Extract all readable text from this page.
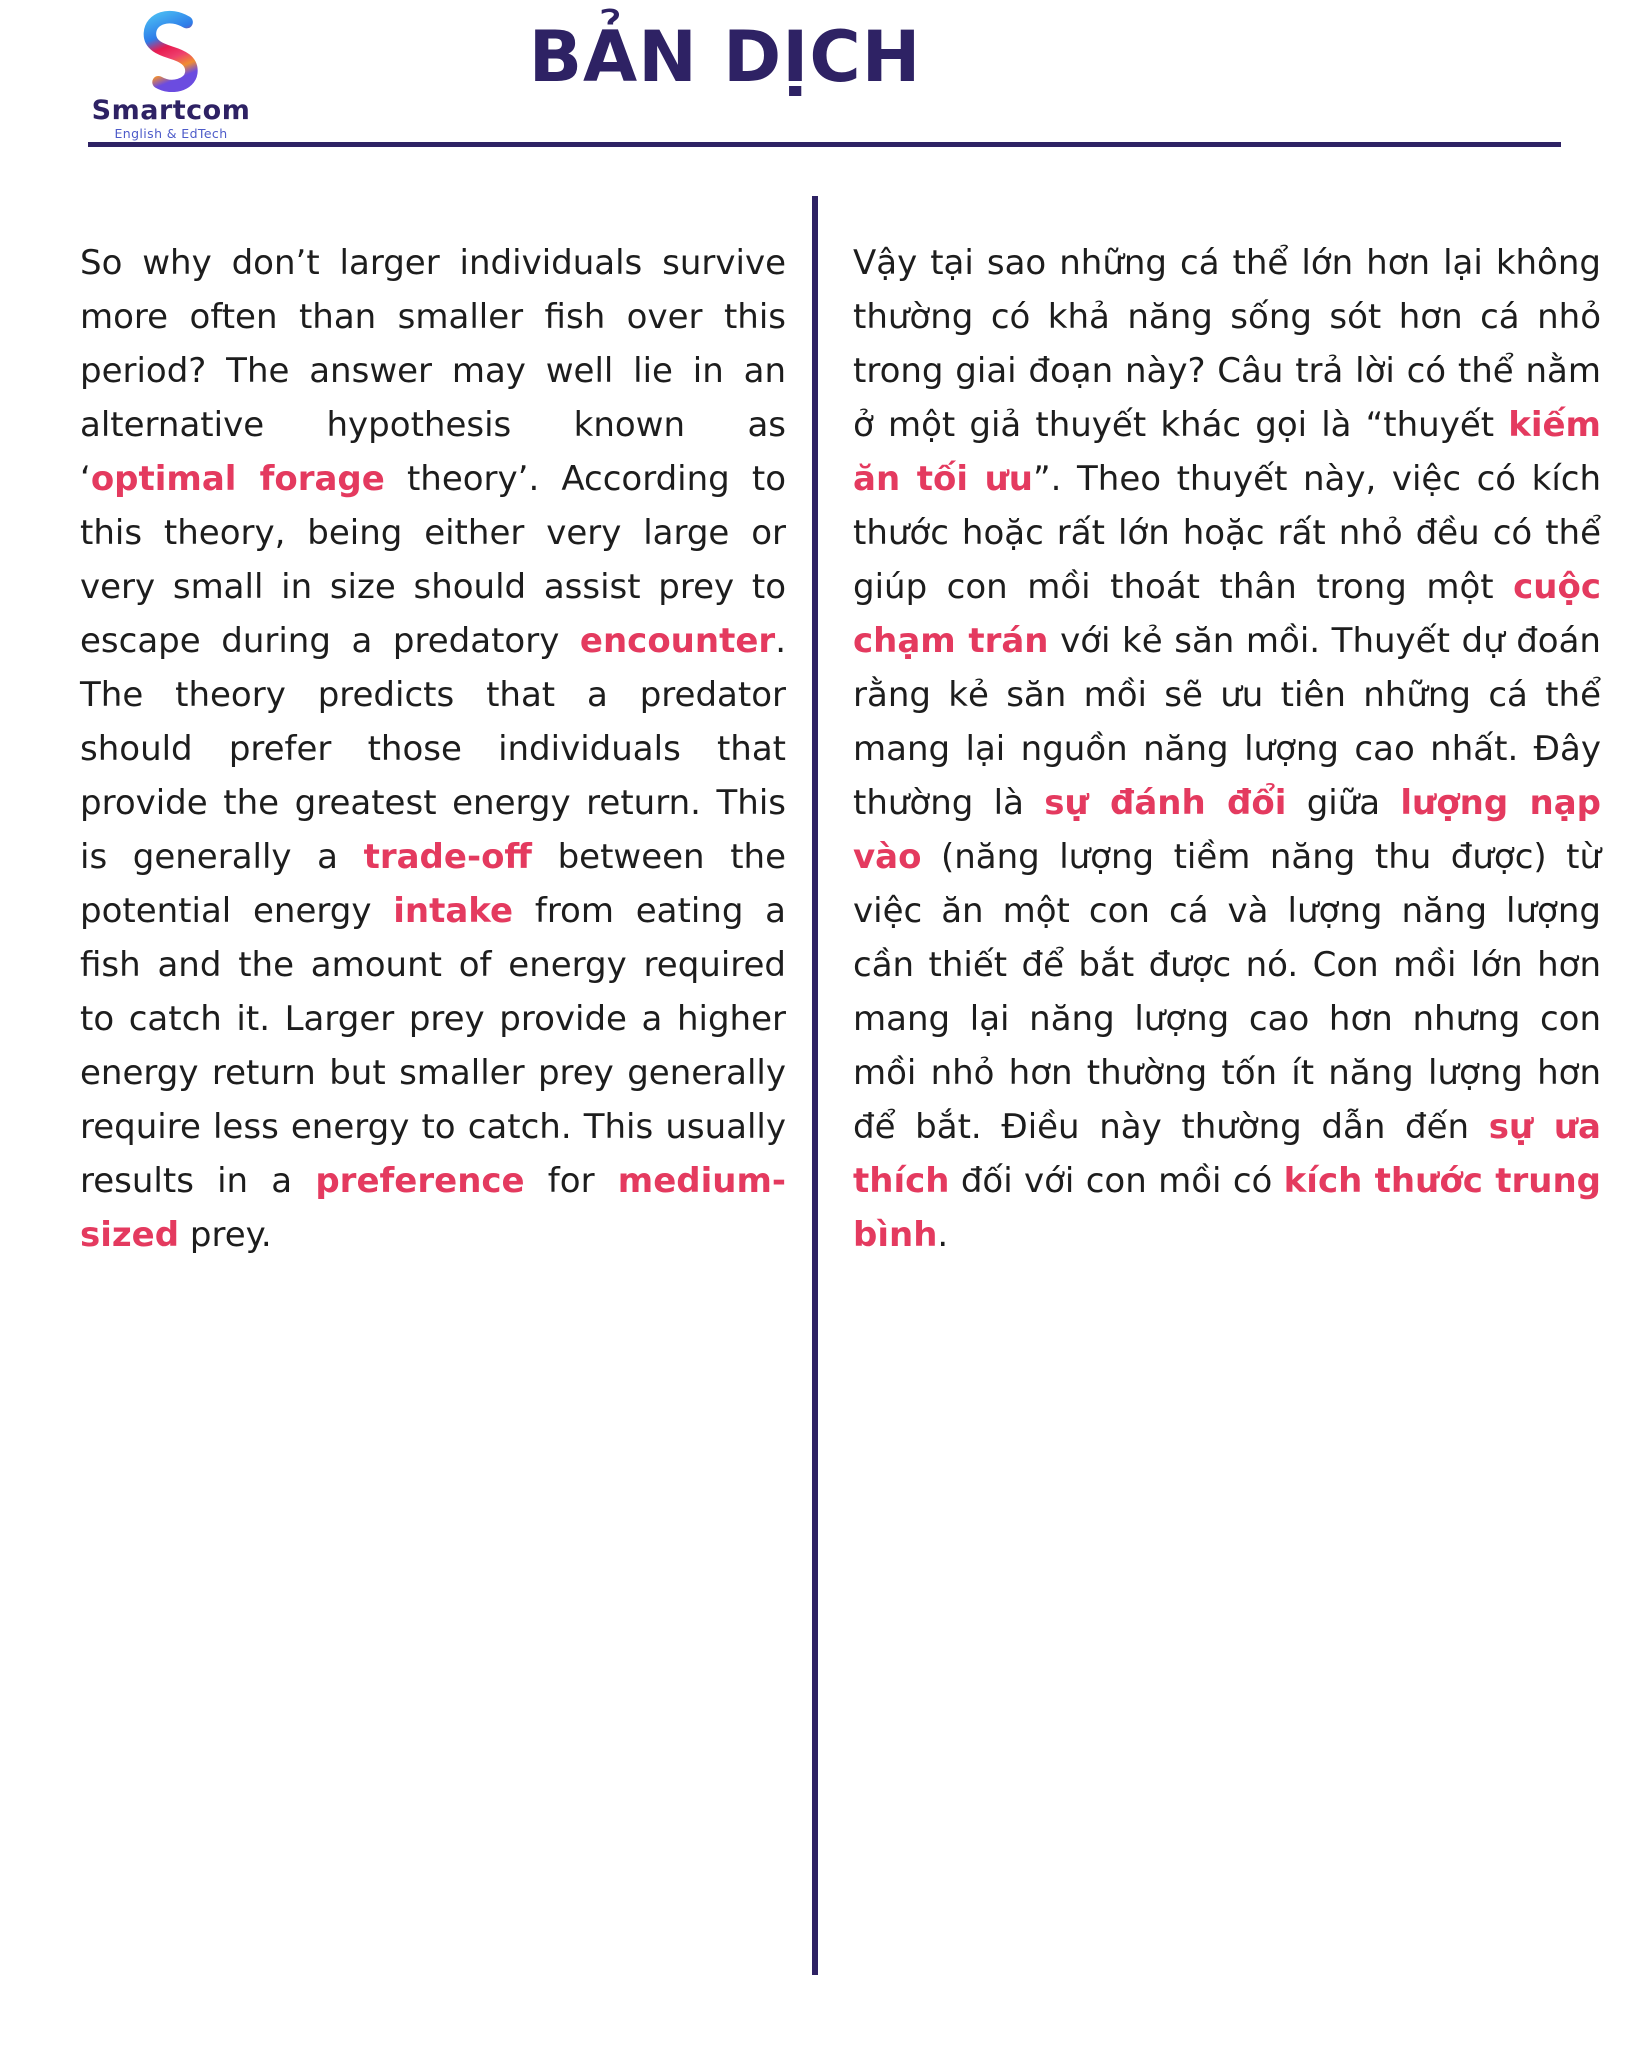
Smartcom
English & EdTech
BẢN DỊCH

So why don’t larger individuals survive more often than smaller fish over this period? The answer may well lie in an alternative hypothesis known as ‘optimal forage theory’. According to this theory, being either very large or very small in size should assist prey to escape during a predatory encounter. The theory predicts that a predator should prefer those individuals that provide the greatest energy return. This is generally a trade-off between the potential energy intake from eating a fish and the amount of energy required to catch it. Larger prey provide a higher energy return but smaller prey generally require less energy to catch. This usually results in a preference for medium-sized prey.

Vậy tại sao những cá thể lớn hơn lại không thường có khả năng sống sót hơn cá nhỏ trong giai đoạn này? Câu trả lời có thể nằm ở một giả thuyết khác gọi là “thuyết kiếm ăn tối ưu”. Theo thuyết này, việc có kích thước hoặc rất lớn hoặc rất nhỏ đều có thể giúp con mồi thoát thân trong một cuộc chạm trán với kẻ săn mồi. Thuyết dự đoán rằng kẻ săn mồi sẽ ưu tiên những cá thể mang lại nguồn năng lượng cao nhất. Đây thường là sự đánh đổi giữa lượng nạp vào (năng lượng tiềm năng thu được) từ việc ăn một con cá và lượng năng lượng cần thiết để bắt được nó. Con mồi lớn hơn mang lại năng lượng cao hơn nhưng con mồi nhỏ hơn thường tốn ít năng lượng hơn để bắt. Điều này thường dẫn đến sự ưa thích đối với con mồi có kích thước trung bình.
